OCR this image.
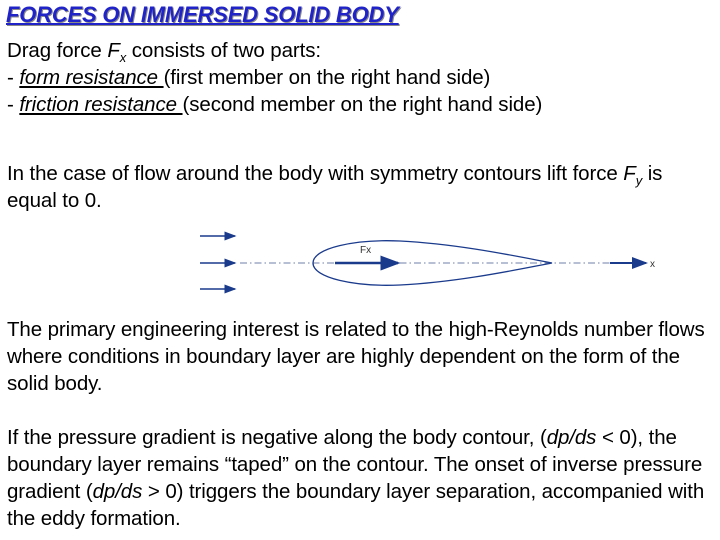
FORCES ON IMMERSED SOLID BODY

Drag force $F_x$ consists of two parts:
- form resistance (first member on the right hand side)
- friction resistance (second member on the right hand side)

In the case of flow around the body with symmetry contours lift force $F_y$ is equal to 0.

Fx
x

The primary engineering interest is related to the high-Reynolds number flows where conditions in boundary layer are highly dependent on the form of the solid body.

If the pressure gradient is negative along the body contour, (dp/ds < 0), the boundary layer remains “taped” on the contour. The onset of inverse pressure gradient (dp/ds > 0) triggers the boundary layer separation, accompanied with the eddy formation.
